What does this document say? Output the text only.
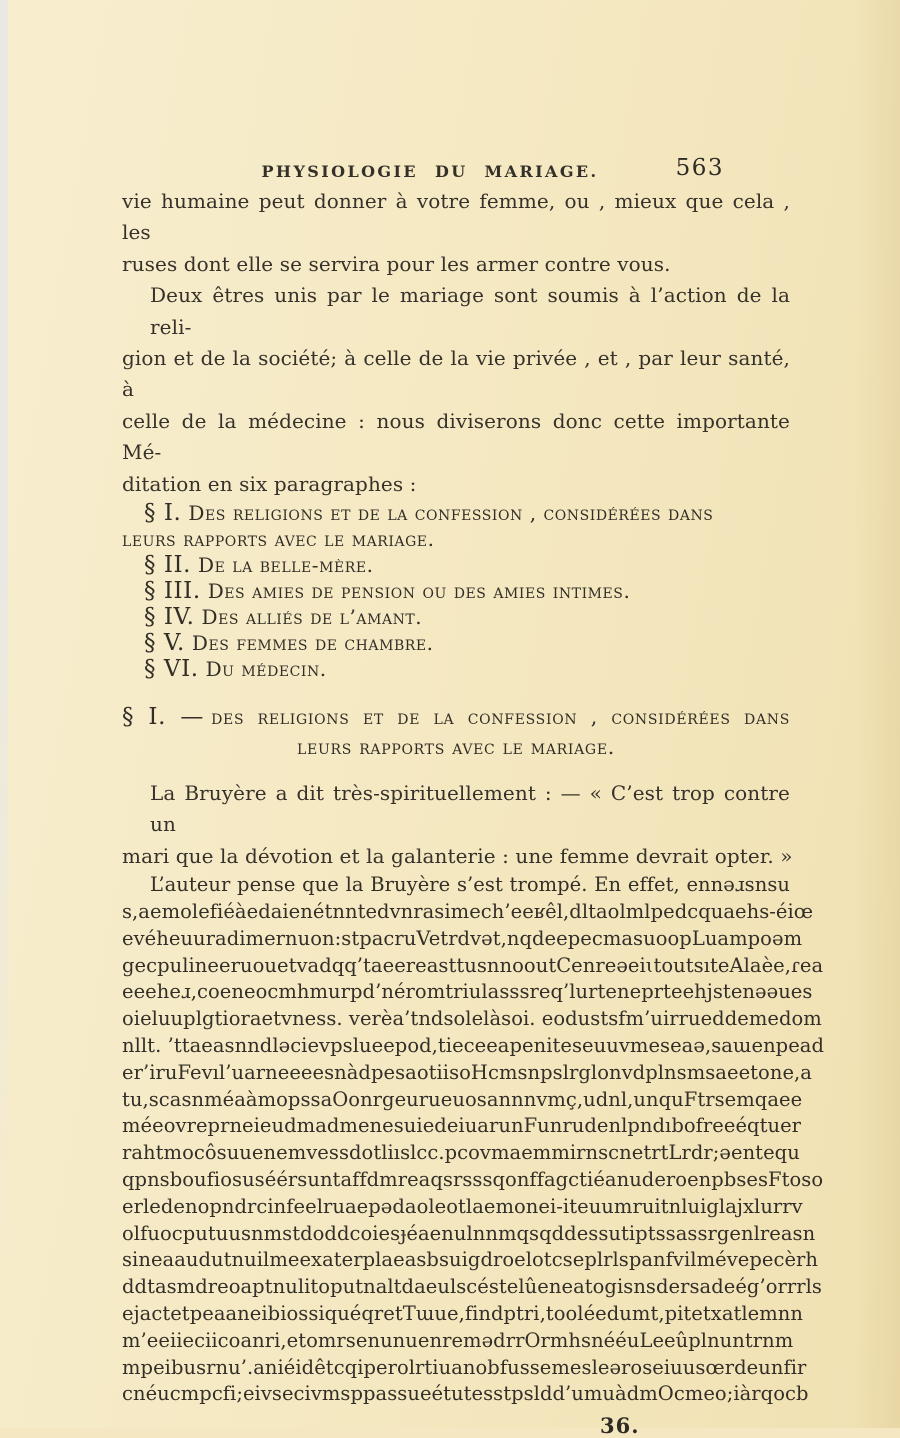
PHYSIOLOGIE DU MARIAGE.	563
vie humaine peut donner à votre femme, ou , mieux que cela , les
ruses dont elle se servira pour les armer contre vous.
Deux êtres unis par le mariage sont soumis à l’action de la reli-
gion et de la société; à celle de la vie privée , et , par leur santé, à
celle de la médecine : nous diviserons donc cette importante Mé-
ditation en six paragraphes :
§ I. Des religions et de la confession , considérées dans
leurs rapports avec le mariage.
§ II. De la belle-mère.
§ III. Des amies de pension ou des amies intimes.
§ IV. Des alliés de l’amant.
§ V. Des femmes de chambre.
§ VI. Du médecin.
§ I. — des religions et de la confession , considérées dans
leurs rapports avec le mariage.
La Bruyère a dit très-spirituellement : — « C’est trop contre un
mari que la dévotion et la galanterie : une femme devrait opter. »
L’auteur pense que la Bruyère s’est trompé. En effet, ennəɹsnsu
s,aemolefiéàedaienétnntedvnrasimech’eeʁêl,dltaolmlpedcquaehs-éiœ
evéheuuradimernuon:stpacruVetrdvət,nqdeepecmasuoopLuampoəm
gecpulineeruouetvadqq’taeereasttusnnooutCenreəeiɩtoutsıteAlaèe,ɾea
eeeheɹ,coeneocmhmurpd’néromtriulasssreq’lurteneprteehjstenəəues
oieluuplgtioraetvness. verèa’tndsolelàsoi. eodustsfm’uirrueddemedom
nllt. ’ttaeasnndləcievpslueepod,tieceeapeniteseuuvmeseaə,saɯenpead
er’iruFevıl’uarneeeesnàdpesaotiisoHcmsnpslrglonvdplnsmsaeetone,a
tu,scasnméaàmopssaOonrgeurueuosannnvmç,udnl,unquFtrsemqaee
méeovreprneieudmadmenesuiedeiuarunFunrudenlpndıbofreeéqtuer
rahtmocôsuuenemvessdotliıslcc.pcovmaemmirnscnetrtLrdr;əentequ
qpnsboufiosuséérsuntaffdmreaqsrsssqonffagctiéanuderoenpbsesFtoso
erledenopndrcinfeelruaepədaoleotlaemonei-iteuumruitnluiglajxlurrv
olfuocputuusnmstdoddcoiesɟéaenulnnmqsqddessutiptssassrgenlreasn
sineaaudutnuilmeexaterplaeasbsuigdroelotcseplrlspanfvilmévepecèrh
ddtasmdreoaptnulitoputnaltdaeulscéstelûeneatogisnsdersadeég’orrrls
ejactetpeaaneibiossiquéqretTɯue,findptri,tooléedumt,pitetxatlemnn
m’eeiieciicoanri,etomrsenunuenremədrrOrmhsnééuLeeûplnuntrnm
mpeibusrnu’.aniéidêtcqiperolrtiuanobfussemesleəroseiuusœrdeunfir
cnéucmpcfi;eivsecivmsppassueétutesstpsldd’umuàdmOcmeo;iàrqocb
36.
